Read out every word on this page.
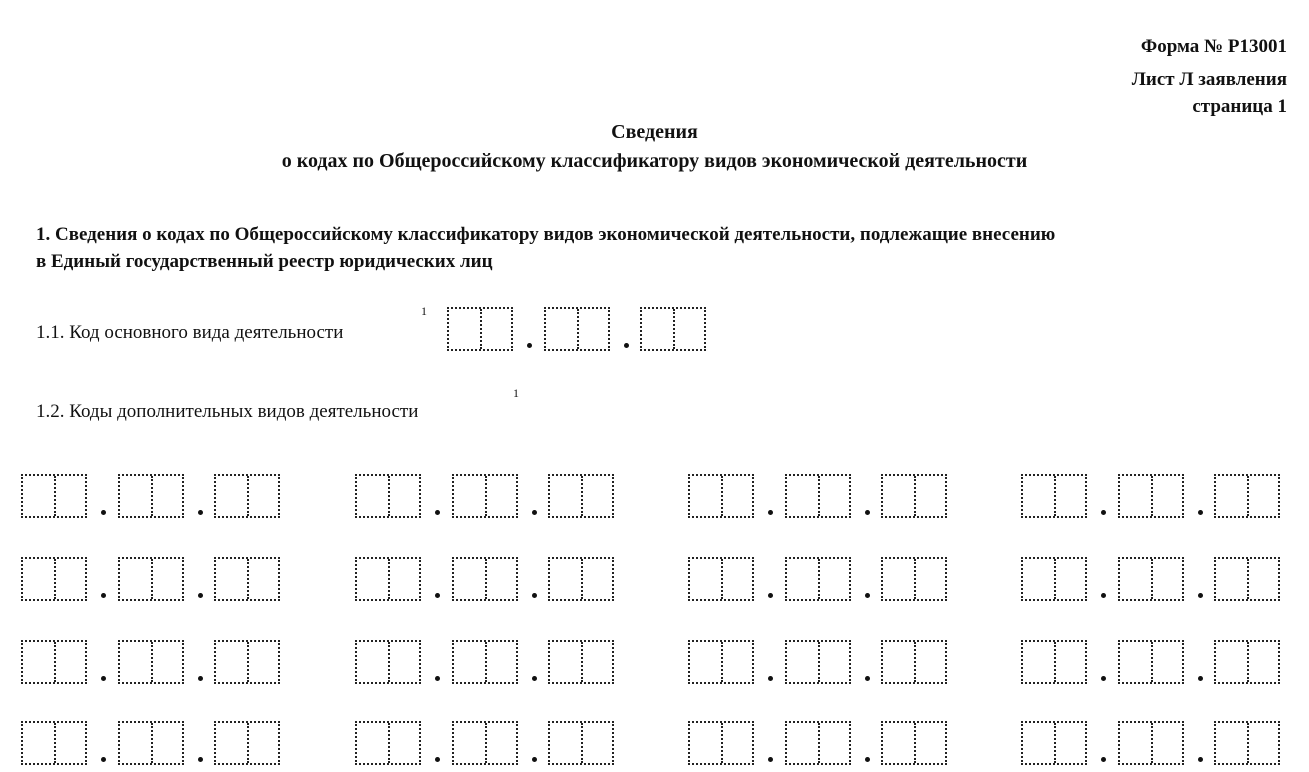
Форма № Р13001
Лист Л заявления
страница 1
Сведения
о кодах по Общероссийскому классификатору видов экономической деятельности
1. Сведения о кодах по Общероссийскому классификатору видов экономической деятельности, подлежащие внесению
в Единый государственный реестр юридических лиц
1.1. Код основного вида деятельности
1
1.2. Коды дополнительных видов деятельности
1
